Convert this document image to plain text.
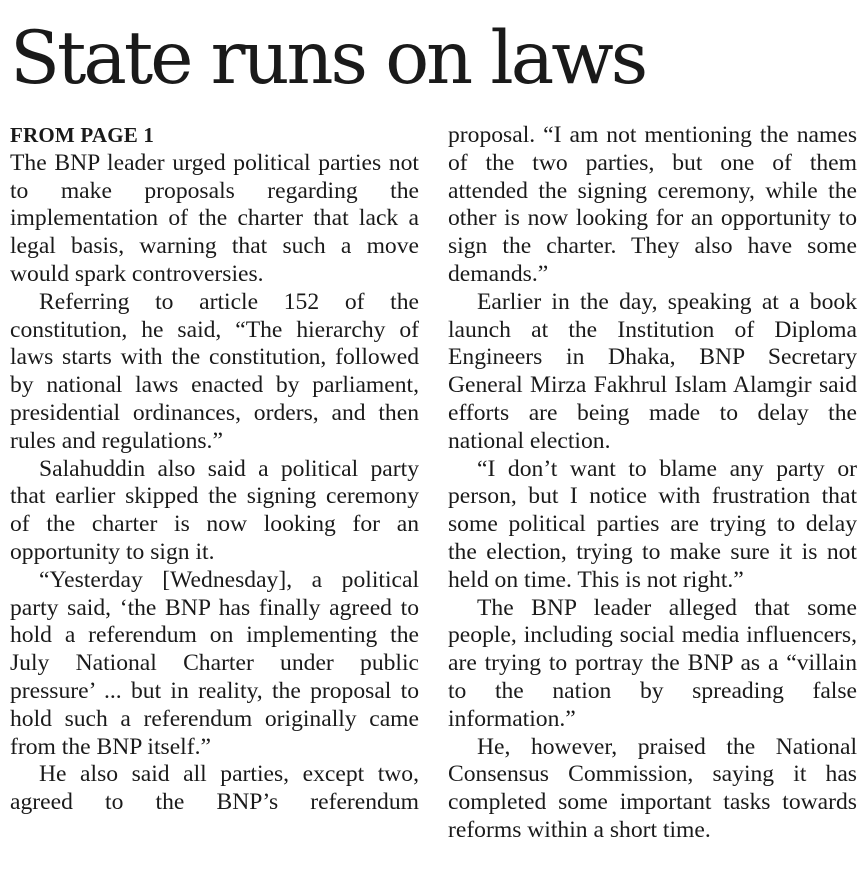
State runs on laws
FROM PAGE 1

The BNP leader urged political parties not to make proposals regarding the implementation of the charter that lack a legal basis, warning that such a move would spark controversies.

Referring to article 152 of the constitution, he said, “The hierarchy of laws starts with the constitution, followed by national laws enacted by parliament, presidential ordinances, orders, and then rules and regulations.”

Salahuddin also said a political party that earlier skipped the signing ceremony of the charter is now looking for an opportunity to sign it.

“Yesterday [Wednesday], a political party said, ‘the BNP has finally agreed to hold a referendum on implementing the July National Charter under public pressure’ ... but in reality, the proposal to hold such a referendum originally came from the BNP itself.”

He also said all parties, except two, agreed to the BNP’s referendum

proposal. “I am not mentioning the names of the two parties, but one of them attended the signing ceremony, while the other is now looking for an opportunity to sign the charter. They also have some demands.”

Earlier in the day, speaking at a book launch at the Institution of Diploma Engineers in Dhaka, BNP Secretary General Mirza Fakhrul Islam Alamgir said efforts are being made to delay the national election.

“I don’t want to blame any party or person, but I notice with frustration that some political parties are trying to delay the election, trying to make sure it is not held on time. This is not right.”

The BNP leader alleged that some people, including social media influencers, are trying to portray the BNP as a “villain to the nation by spreading false information.”

He, however, praised the National Consensus Commission, saying it has completed some important tasks towards reforms within a short time.
